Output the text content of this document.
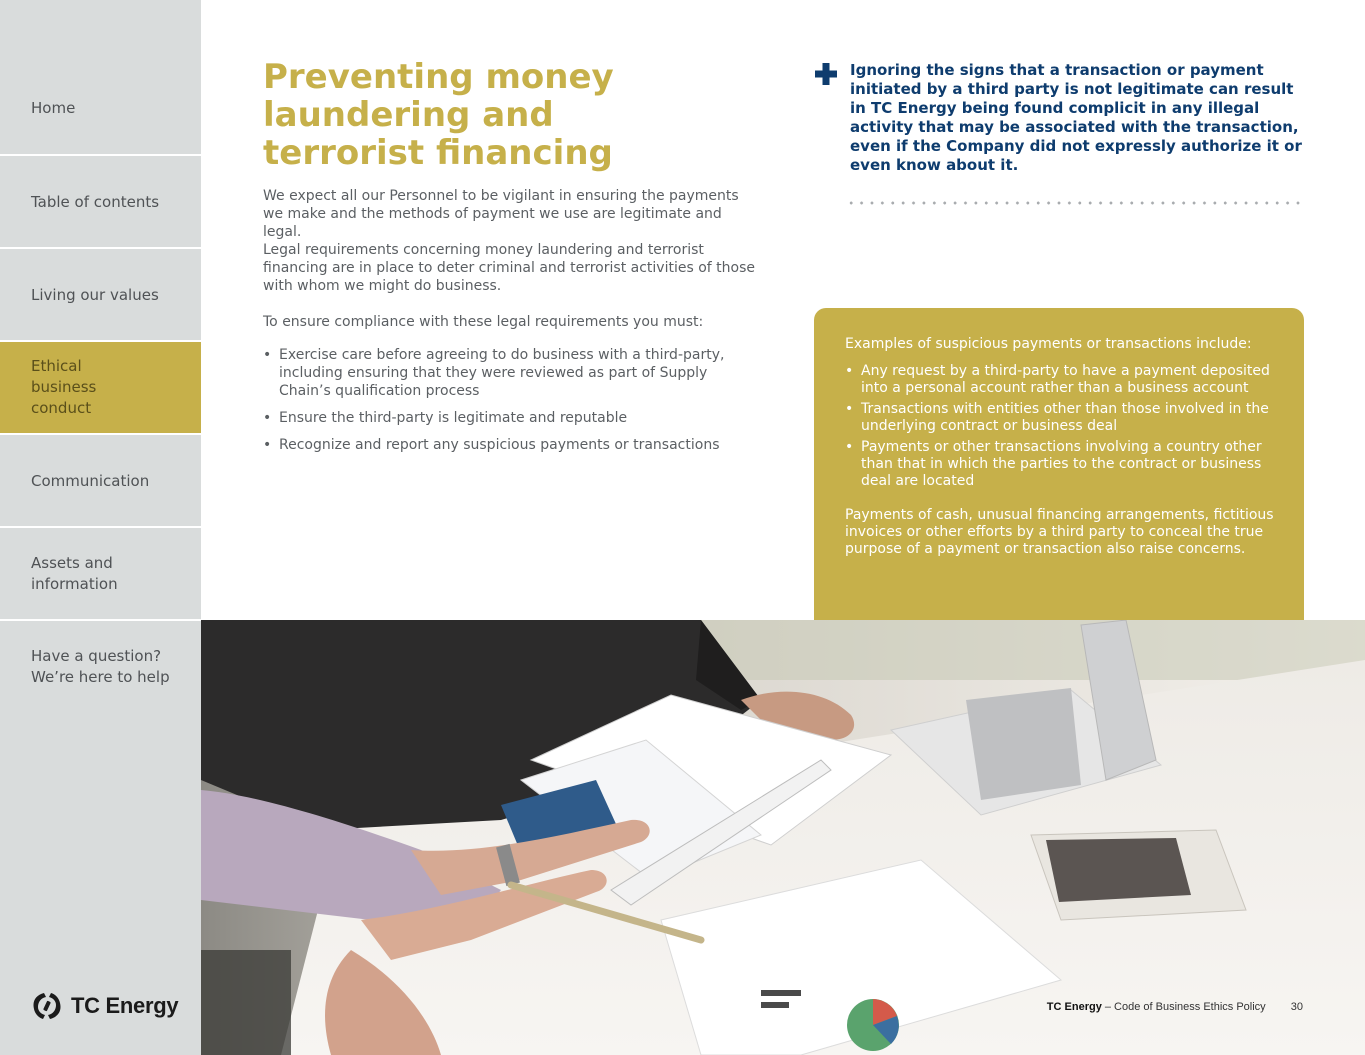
Home
Table of contents
Living our values
Ethical business conduct
Communication
Assets and information
Have a question? We’re here to help
TC Energy
Preventing money laundering and terrorist financing

We expect all our Personnel to be vigilant in ensuring the payments we make and the methods of payment we use are legitimate and legal.

Legal requirements concerning money laundering and terrorist financing are in place to deter criminal and terrorist activities of those with whom we might do business.

To ensure compliance with these legal requirements you must:

• Exercise care before agreeing to do business with a third-party, including ensuring that they were reviewed as part of Supply Chain’s qualification process
• Ensure the third-party is legitimate and reputable
• Recognize and report any suspicious payments or transactions

Ignoring the signs that a transaction or payment initiated by a third party is not legitimate can result in TC Energy being found complicit in any illegal activity that may be associated with the transaction, even if the Company did not expressly authorize it or even know about it.

Examples of suspicious payments or transactions include:

• Any request by a third-party to have a payment deposited into a personal account rather than a business account
• Transactions with entities other than those involved in the underlying contract or business deal
• Payments or other transactions involving a country other than that in which the parties to the contract or business deal are located

Payments of cash, unusual financing arrangements, fictitious invoices or other efforts by a third party to conceal the true purpose of a payment or transaction also raise concerns.

TC Energy – Code of Business Ethics Policy 30
